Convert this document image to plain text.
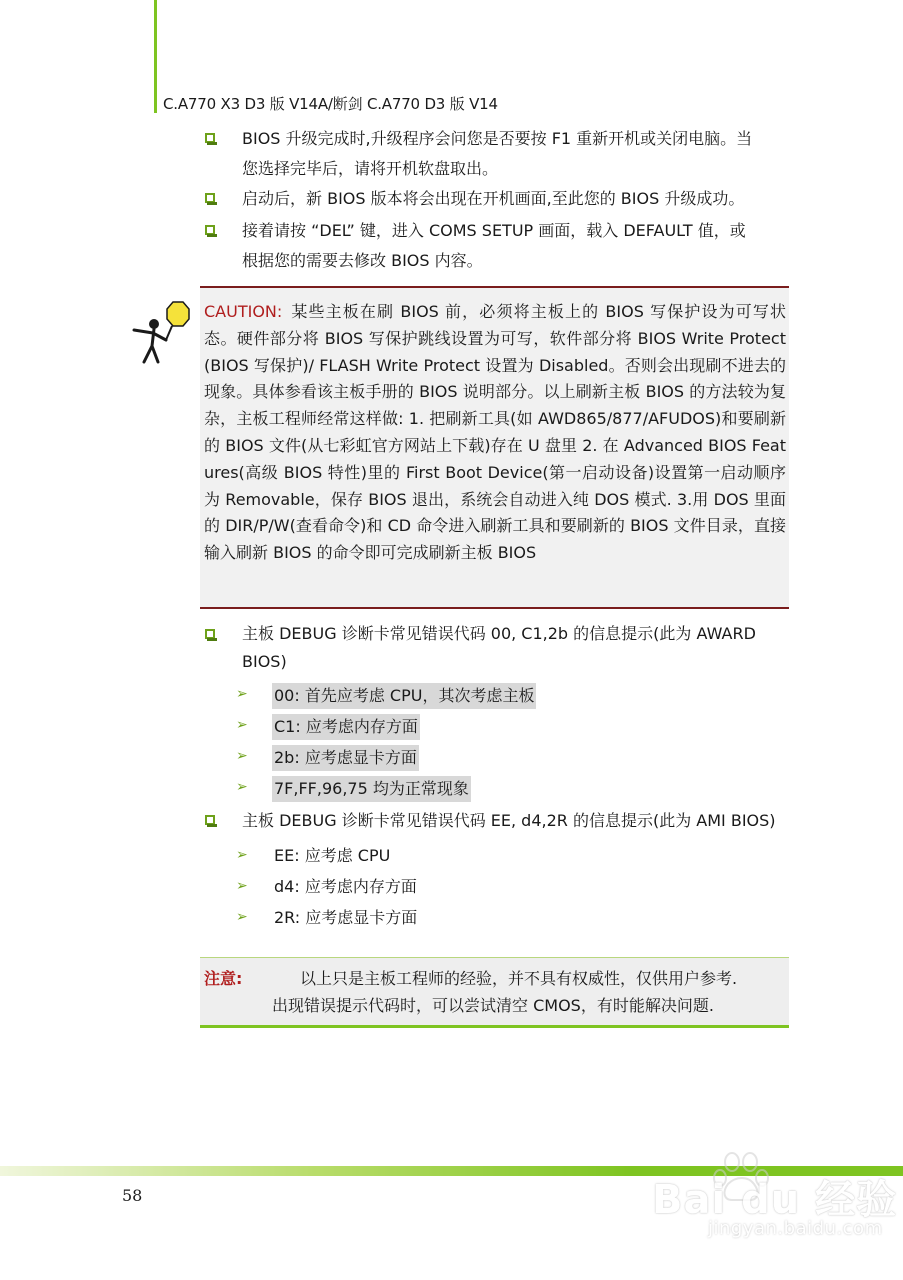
C.A770 X3 D3 版 V14A/断剑 C.A770 D3 版 V14
BIOS 升级完成时,升级程序会问您是否要按 F1 重新开机或关闭电脑。当
您选择完毕后，请将开机软盘取出。
启动后，新 BIOS 版本将会出现在开机画面,至此您的 BIOS 升级成功。
接着请按 “DEL” 键，进入 COMS SETUP 画面，载入 DEFAULT 值，或
根据您的需要去修改 BIOS 内容。
CAUTION: 某些主板在刷 BIOS 前，必须将主板上的 BIOS 写保护设为可写状态。硬件部分将 BIOS 写保护跳线设置为可写，软件部分将 BIOS Write Protect(BIOS 写保护)/ FLASH Write Protect 设置为 Disabled。否则会出现刷不进去的现象。具体参看该主板手册的 BIOS 说明部分。以上刷新主板 BIOS 的方法较为复杂，主板工程师经常这样做: 1. 把刷新工具(如 AWD865/877/AFUDOS)和要刷新的 BIOS 文件(从七彩虹官方网站上下载)存在 U 盘里 2. 在 Advanced BIOS Features(高级 BIOS 特性)里的 First Boot Device(第一启动设备)设置第一启动顺序为 Removable，保存 BIOS 退出，系统会自动进入纯 DOS 模式. 3.用 DOS 里面的 DIR/P/W(查看命令)和 CD 命令进入刷新工具和要刷新的 BIOS 文件目录，直接输入刷新 BIOS 的命令即可完成刷新主板 BIOS
主板 DEBUG 诊断卡常见错误代码 00, C1,2b 的信息提示(此为 AWARD
BIOS)
➢ 00: 首先应考虑 CPU，其次考虑主板
➢ C1: 应考虑内存方面
➢ 2b: 应考虑显卡方面
➢ 7F,FF,96,75 均为正常现象
主板 DEBUG 诊断卡常见错误代码 EE, d4,2R 的信息提示(此为 AMI BIOS)
➢ EE: 应考虑 CPU
➢ d4: 应考虑内存方面
➢ 2R: 应考虑显卡方面
注意:	以上只是主板工程师的经验，并不具有权威性，仅供用户参考.
出现错误提示代码时，可以尝试清空 CMOS，有时能解决问题.
58	Bai du 经验
jingyan.baidu.com
